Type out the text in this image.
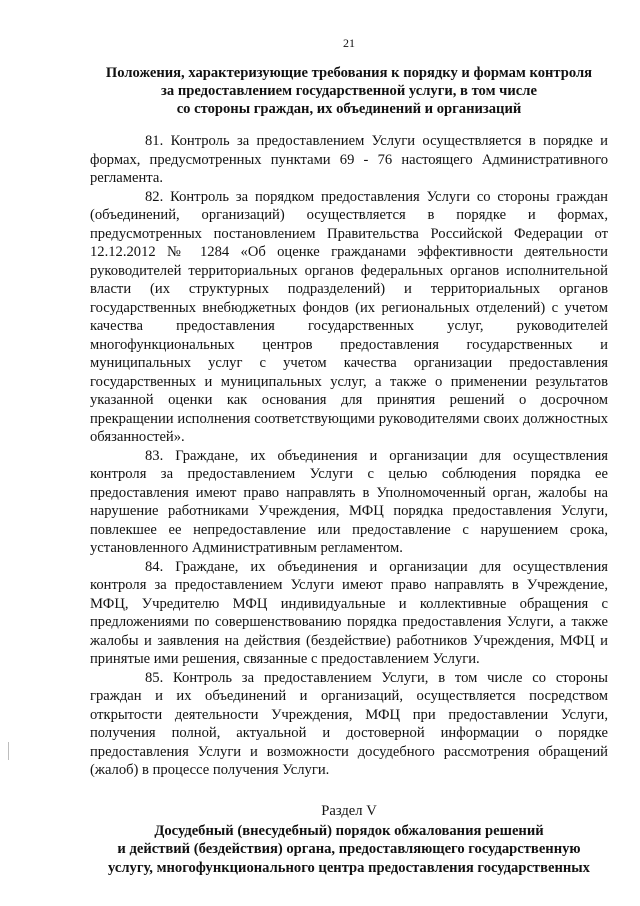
21
Положения, характеризующие требования к порядку и формам контроля
за предоставлением государственной услуги, в том числе
со стороны граждан, их объединений и организаций

81. Контроль за предоставлением Услуги осуществляется в порядке и формах, предусмотренных пунктами 69 - 76 настоящего Административного регламента.

82. Контроль за порядком предоставления Услуги со стороны граждан (объединений, организаций) осуществляется в порядке и формах, предусмотренных постановлением Правительства Российской Федерации от 12.12.2012 № 1284 «Об оценке гражданами эффективности деятельности руководителей территориальных органов федеральных органов исполнительной власти (их структурных подразделений) и территориальных органов государственных внебюджетных фондов (их региональных отделений) с учетом качества предоставления государственных услуг, руководителей многофункциональных центров предоставления государственных и муниципальных услуг с учетом качества организации предоставления государственных и муниципальных услуг, а также о применении результатов указанной оценки как основания для принятия решений о досрочном прекращении исполнения соответствующими руководителями своих должностных обязанностей».

83. Граждане, их объединения и организации для осуществления контроля за предоставлением Услуги с целью соблюдения порядка ее предоставления имеют право направлять в Уполномоченный орган, жалобы на нарушение работниками Учреждения, МФЦ порядка предоставления Услуги, повлекшее ее непредоставление или предоставление с нарушением срока, установленного Административным регламентом.

84. Граждане, их объединения и организации для осуществления контроля за предоставлением Услуги имеют право направлять в Учреждение, МФЦ, Учредителю МФЦ индивидуальные и коллективные обращения с предложениями по совершенствованию порядка предоставления Услуги, а также жалобы и заявления на действия (бездействие) работников Учреждения, МФЦ и принятые ими решения, связанные с предоставлением Услуги.

85. Контроль за предоставлением Услуги, в том числе со стороны граждан и их объединений и организаций, осуществляется посредством открытости деятельности Учреждения, МФЦ при предоставлении Услуги, получения полной, актуальной и достоверной информации о порядке предоставления Услуги и возможности досудебного рассмотрения обращений (жалоб) в процессе получения Услуги.

Раздел V
Досудебный (внесудебный) порядок обжалования решений
и действий (бездействия) органа, предоставляющего государственную
услугу, многофункционального центра предоставления государственных
